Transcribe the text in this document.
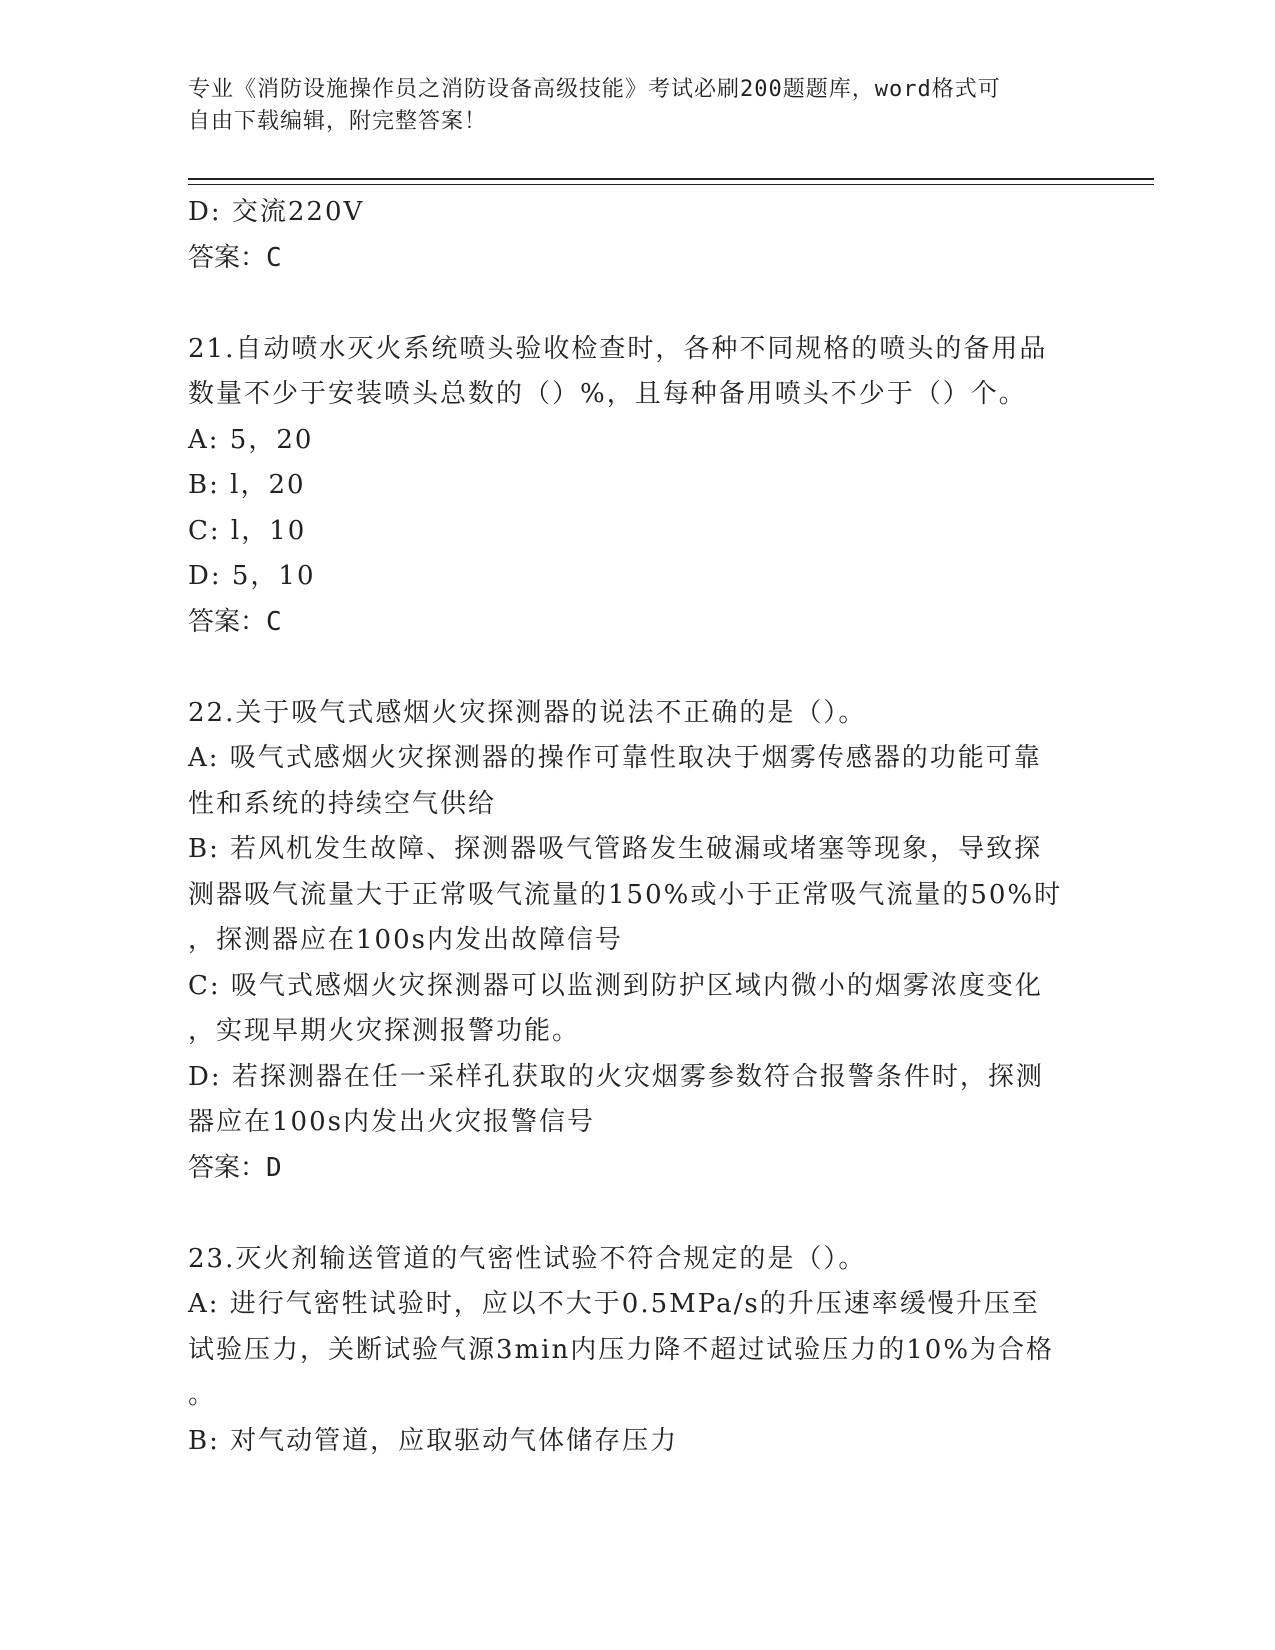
专业《消防设施操作员之消防设备高级技能》考试必刷200题题库，word格式可
自由下载编辑，附完整答案！
D: 交流220V
答案：C
21.自动喷水灭火系统喷头验收检查时，各种不同规格的喷头的备用品
数量不少于安装喷头总数的（）%，且每种备用喷头不少于（）个。
A: 5，20
B: l，20
C: l，10
D: 5，10
答案：C
22.关于吸气式感烟火灾探测器的说法不正确的是（）。
A: 吸气式感烟火灾探测器的操作可靠性取决于烟雾传感器的功能可靠
性和系统的持续空气供给
B: 若风机发生故障、探测器吸气管路发生破漏或堵塞等现象，导致探
测器吸气流量大于正常吸气流量的150%或小于正常吸气流量的50%时
，探测器应在100s内发出故障信号
C: 吸气式感烟火灾探测器可以监测到防护区域内微小的烟雾浓度变化
，实现早期火灾探测报警功能。
D: 若探测器在任一采样孔获取的火灾烟雾参数符合报警条件时，探测
器应在100s内发出火灾报警信号
答案：D
23.灭火剂输送管道的气密性试验不符合规定的是（）。
A: 进行气密牲试验时，应以不大于0.5MPa/s的升压速率缓慢升压至
试验压力，关断试验气源3min内压力降不超过试验压力的10%为合格
。
B: 对气动管道，应取驱动气体储存压力
